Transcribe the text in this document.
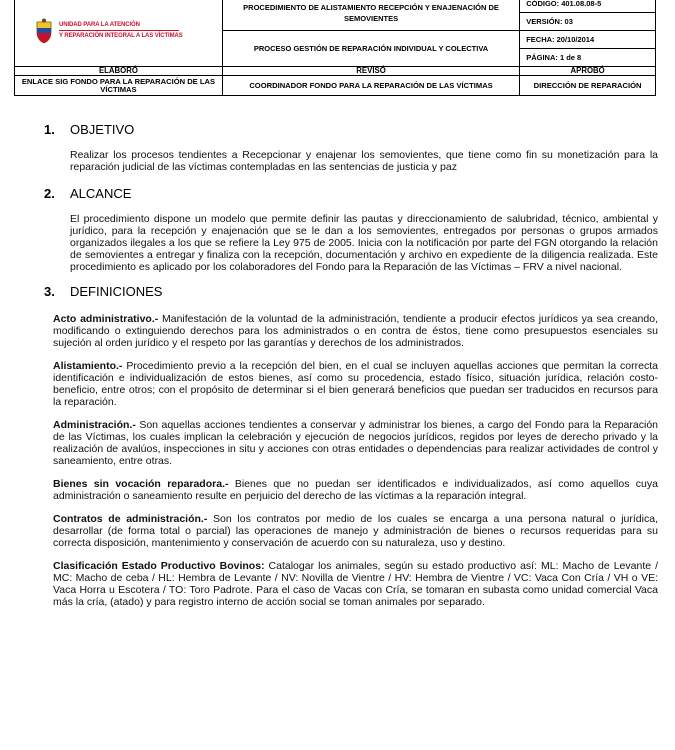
UNIDAD PARA LA ATENCIÓN
Y REPARACIÓN INTEGRAL A LAS VÍCTIMAS	PROCEDIMIENTO DE ALISTAMIENTO RECEPCIÓN Y ENAJENACIÓN DE SEMOVIENTES	CÓDIGO: 401.08.08-5
		VERSIÓN: 03
	PROCESO GESTIÓN DE REPARACIÓN INDIVIDUAL Y COLECTIVA	FECHA: 20/10/2014
		PÁGINA: 1 de 8
ELABORÓ	REVISÓ	APROBÓ
ENLACE SIG FONDO PARA LA REPARACIÓN DE LAS VÍCTIMAS	COORDINADOR FONDO PARA LA REPARACIÓN DE LAS VÍCTIMAS	DIRECCIÓN DE REPARACIÓN
1.	OBJETIVO

Realizar los procesos tendientes a Recepcionar y enajenar los semovientes, que tiene como fin su monetización para la reparación judicial de las víctimas contempladas en las sentencias de justicia y paz

2.	ALCANCE

El procedimiento dispone un modelo que permite definir las pautas y direccionamiento de salubridad, técnico, ambiental y jurídico, para la recepción y enajenación que se le dan a los semovientes, entregados por personas o grupos armados organizados ilegales a los que se refiere la Ley 975 de 2005. Inicia con la notificación por parte del FGN otorgando la relación de semovientes a entregar y finaliza con la recepción, documentación y archivo en expediente de la diligencia realizada. Este procedimiento es aplicado por los colaboradores del Fondo para la Reparación de las Víctimas – FRV a nivel nacional.

3.	DEFINICIONES

Acto administrativo.- Manifestación de la voluntad de la administración, tendiente a producir efectos jurídicos ya sea creando, modificando o extinguiendo derechos para los administrados o en contra de éstos, tiene como presupuestos esenciales su sujeción al orden jurídico y el respeto por las garantías y derechos de los administrados.

Alistamiento.- Procedimiento previo a la recepción del bien, en el cual se incluyen aquellas acciones que permitan la correcta identificación e individualización de estos bienes, así como su procedencia, estado físico, situación jurídica, relación costo-beneficio, entre otros; con el propósito de determinar si el bien generará beneficios que puedan ser traducidos en recursos para la reparación.

Administración.- Son aquellas acciones tendientes a conservar y administrar los bienes, a cargo del Fondo para la Reparación de las Víctimas, los cuales implican la celebración y ejecución de negocios jurídicos, regidos por leyes de derecho privado y la realización de avalúos, inspecciones in situ y acciones con otras entidades o dependencias para realizar actividades de control y saneamiento, entre otras.

Bienes sin vocación reparadora.- Bienes que no puedan ser identificados e individualizados, así como aquellos cuya administración o saneamiento resulte en perjuicio del derecho de las víctimas a la reparación integral.

Contratos de administración.- Son los contratos por medio de los cuales se encarga a una persona natural o jurídica, desarrollar (de forma total o parcial) las operaciones de manejo y administración de bienes o recursos requeridas para su correcta disposición, mantenimiento y conservación de acuerdo con su naturaleza, uso y destino.

Clasificación Estado Productivo Bovinos: Catalogar los animales, según su estado productivo así: ML: Macho de Levante / MC: Macho de ceba / HL: Hembra de Levante / NV: Novilla de Vientre / HV: Hembra de Vientre / VC: Vaca Con Cría / VH o VE: Vaca Horra u Escotera / TO: Toro Padrote. Para el caso de Vacas con Cría, se tomaran en subasta como unidad comercial Vaca más la cría, (atado) y para registro interno de acción social se toman animales por separado.
